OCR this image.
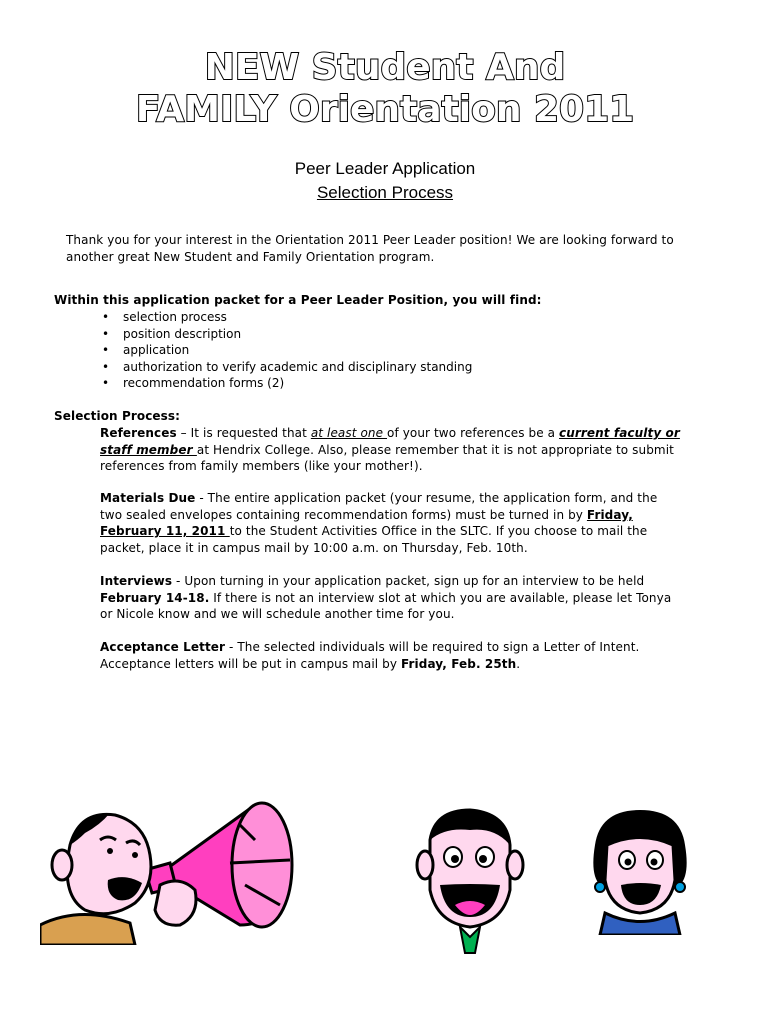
NEW Student And
FAMILY Orientation 2011
Peer Leader Application
Selection Process
Thank you for your interest in the Orientation 2011 Peer Leader position! We are looking forward to another great New Student and Family Orientation program.
Within this application packet for a Peer Leader Position, you will find:
• selection process
• position description
• application
• authorization to verify academic and disciplinary standing
• recommendation forms (2)
Selection Process:
References – It is requested that at least one of your two references be a current faculty or staff member at Hendrix College. Also, please remember that it is not appropriate to submit references from family members (like your mother!).
Materials Due - The entire application packet (your resume, the application form, and the two sealed envelopes containing recommendation forms) must be turned in by Friday, February 11, 2011 to the Student Activities Office in the SLTC. If you choose to mail the packet, place it in campus mail by 10:00 a.m. on Thursday, Feb. 10th.
Interviews - Upon turning in your application packet, sign up for an interview to be held February 14-18. If there is not an interview slot at which you are available, please let Tonya or Nicole know and we will schedule another time for you.
Acceptance Letter - The selected individuals will be required to sign a Letter of Intent. Acceptance letters will be put in campus mail by Friday, Feb. 25th.
